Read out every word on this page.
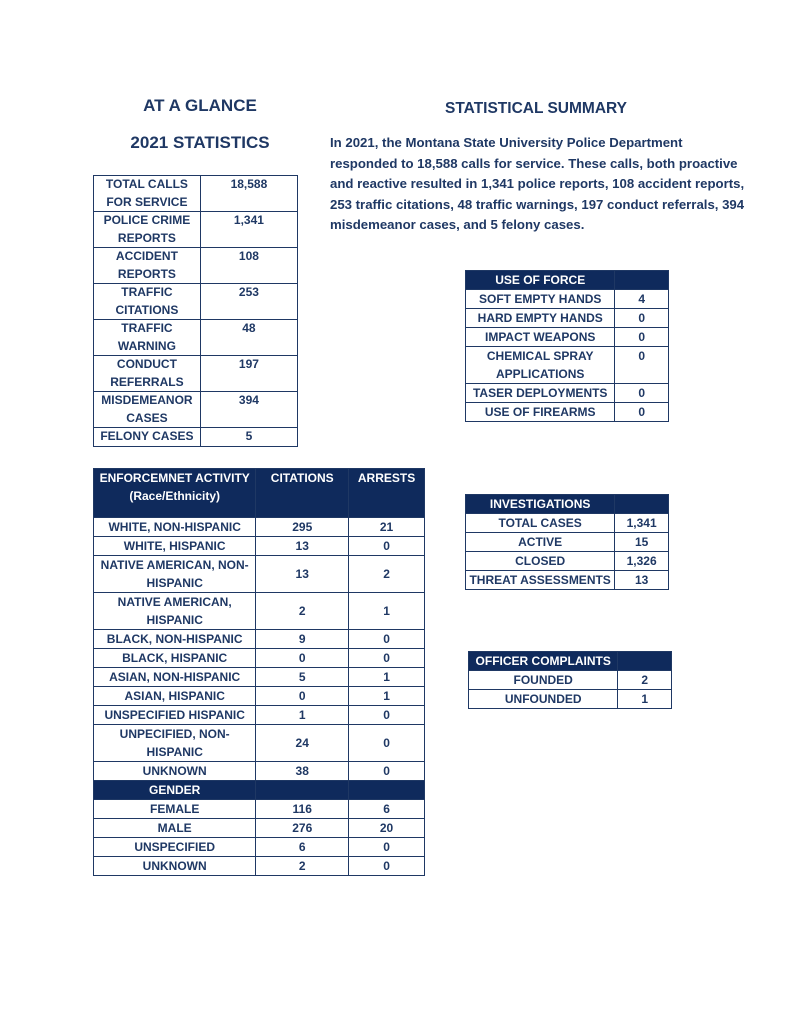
AT A GLANCE
2021 STATISTICS
STATISTICAL SUMMARY
In 2021, the Montana State University Police Department responded to 18,588 calls for service. These calls, both proactive and reactive resulted in 1,341 police reports, 108 accident reports, 253 traffic citations, 48 traffic warnings, 197 conduct referrals, 394 misdemeanor cases, and 5 felony cases.
TOTAL CALLS FOR SERVICE	18,588
POLICE CRIME REPORTS	1,341
ACCIDENT REPORTS	108
TRAFFIC CITATIONS	253
TRAFFIC WARNING	48
CONDUCT REFERRALS	197
MISDEMEANOR CASES	394
FELONY CASES	5
USE OF FORCE	
SOFT EMPTY HANDS	4
HARD EMPTY HANDS	0
IMPACT WEAPONS	0
CHEMICAL SPRAY APPLICATIONS	0
TASER DEPLOYMENTS	0
USE OF FIREARMS	0
INVESTIGATIONS	
TOTAL CASES	1,341
ACTIVE	15
CLOSED	1,326
THREAT ASSESSMENTS	13
OFFICER COMPLAINTS	
FOUNDED	2
UNFOUNDED	1
ENFORCEMNET ACTIVITY (Race/Ethnicity)	CITATIONS	ARRESTS
WHITE, NON-HISPANIC	295	21
WHITE, HISPANIC	13	0
NATIVE AMERICAN, NON-HISPANIC	13	2
NATIVE AMERICAN, HISPANIC	2	1
BLACK, NON-HISPANIC	9	0
BLACK, HISPANIC	0	0
ASIAN, NON-HISPANIC	5	1
ASIAN, HISPANIC	0	1
UNSPECIFIED HISPANIC	1	0
UNPECIFIED, NON-HISPANIC	24	0
UNKNOWN	38	0
GENDER		
FEMALE	116	6
MALE	276	20
UNSPECIFIED	6	0
UNKNOWN	2	0
